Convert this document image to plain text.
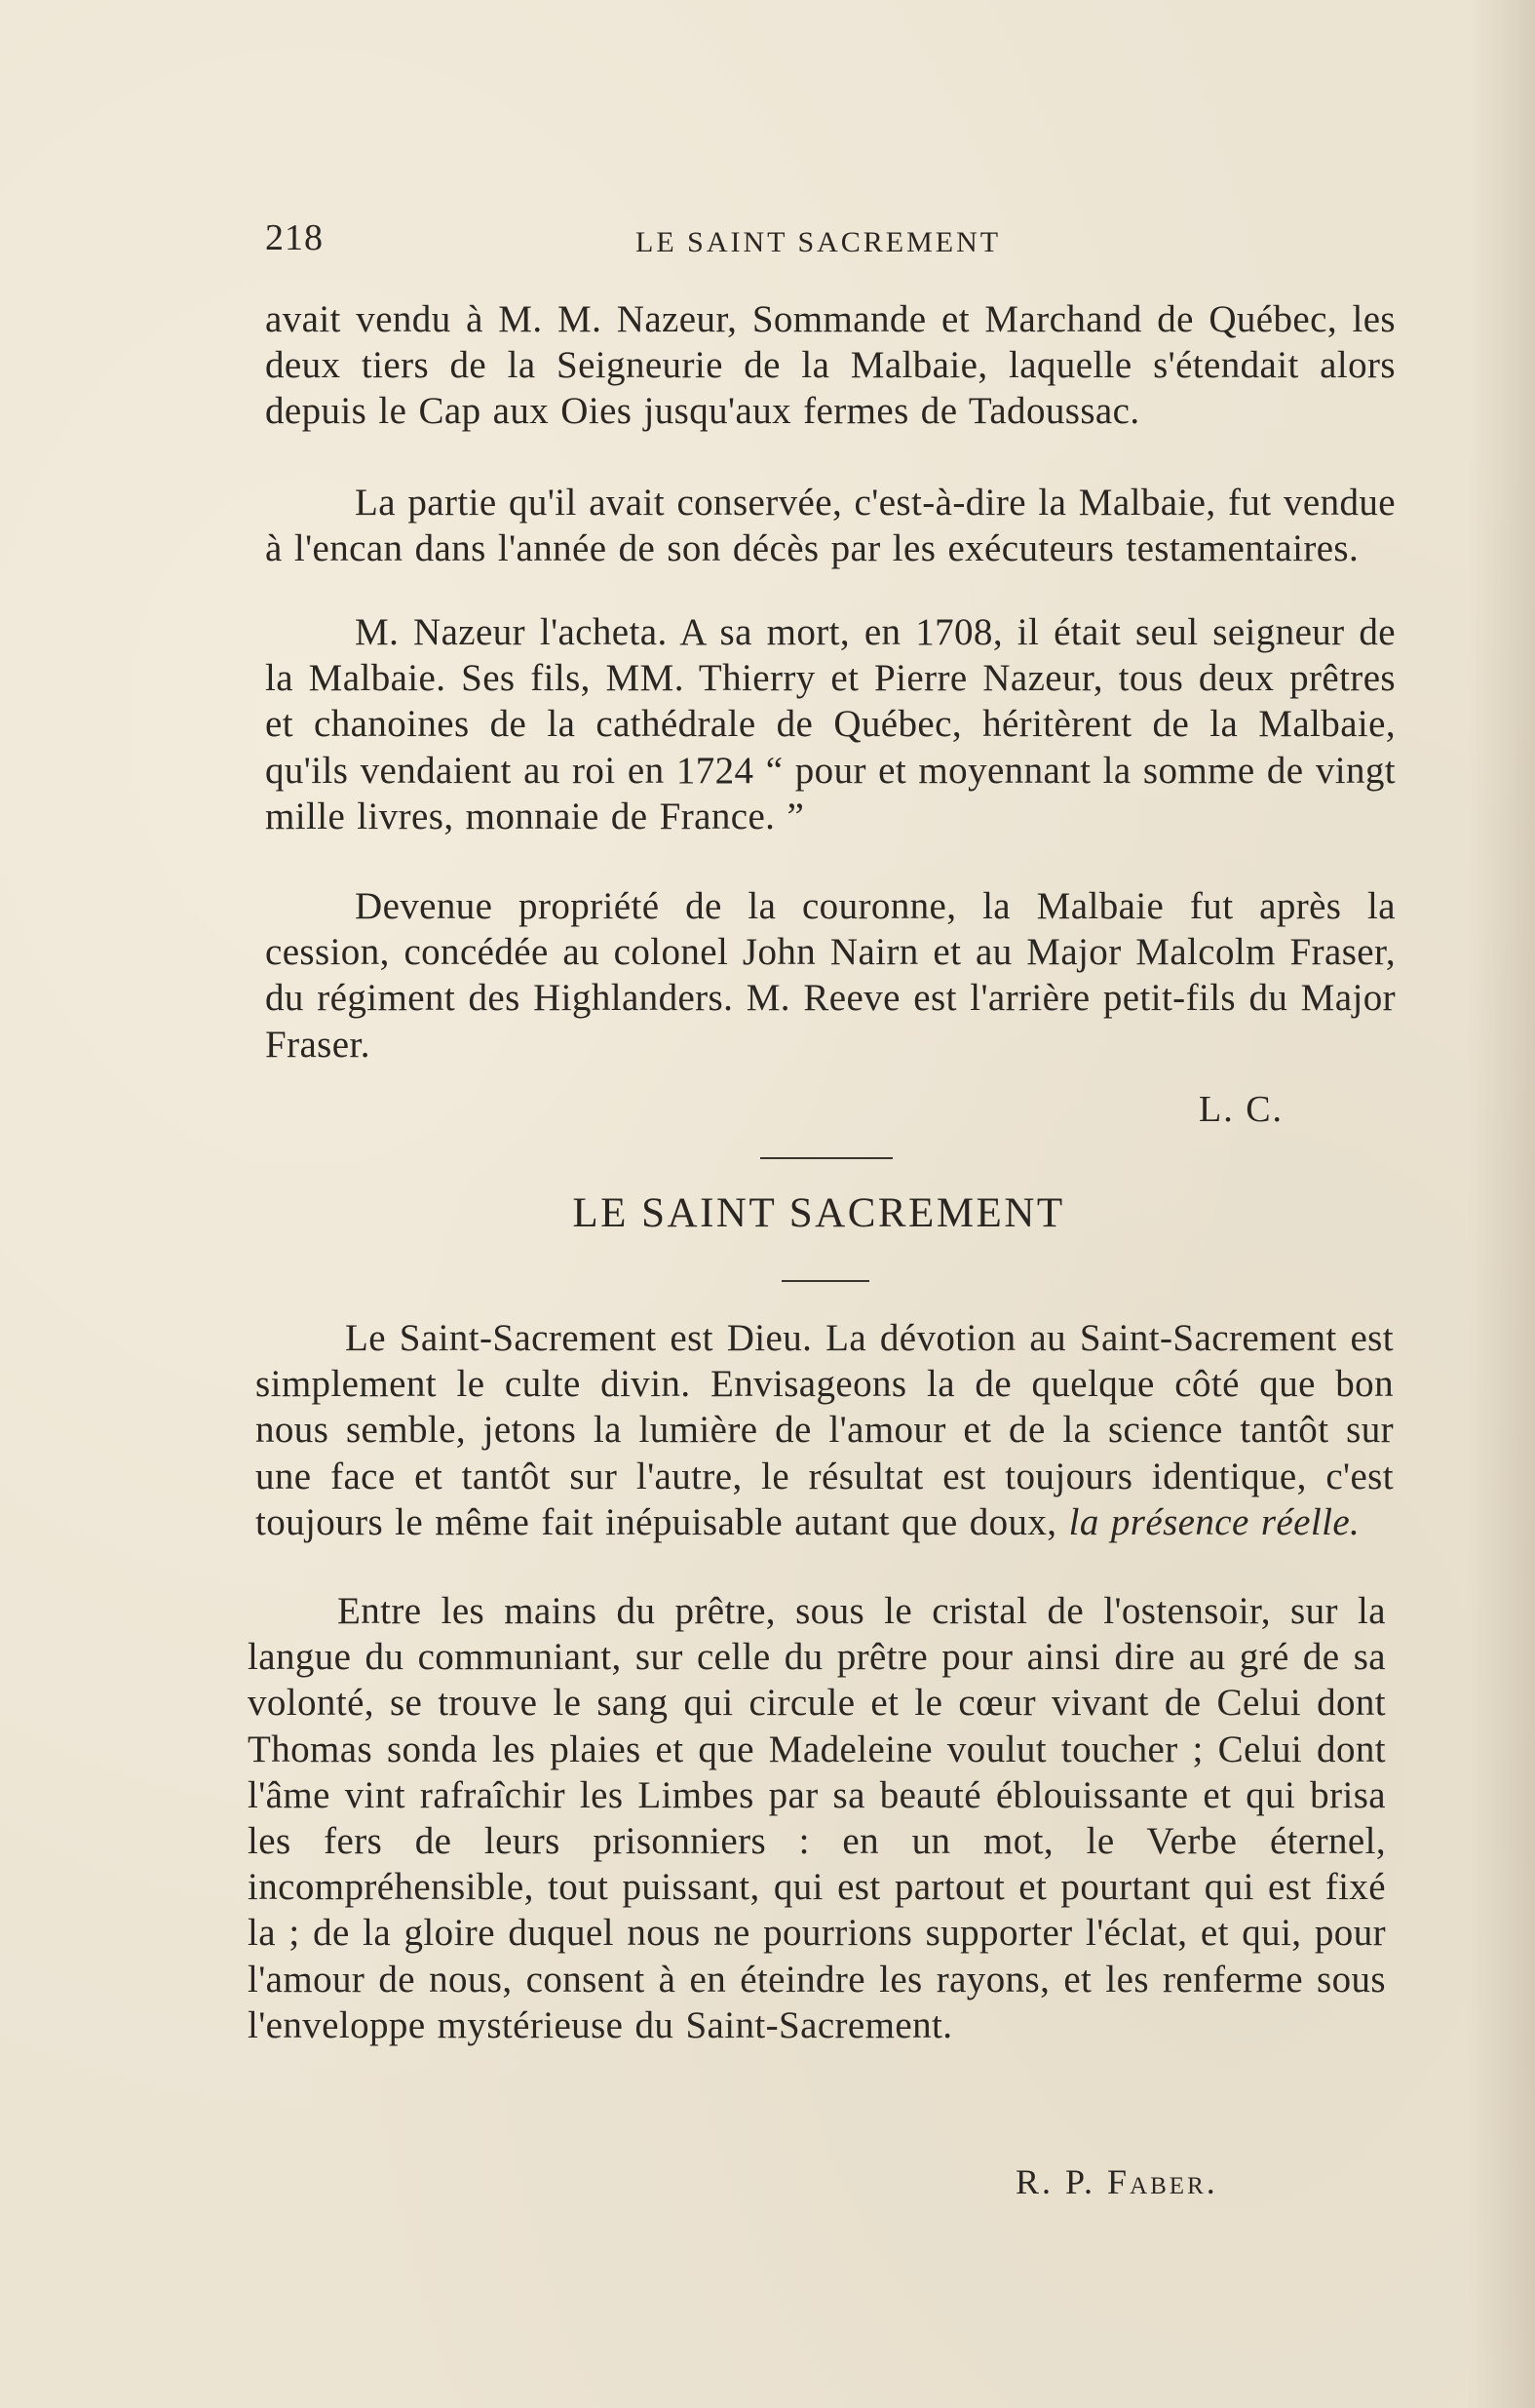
218	LE SAINT SACREMENT

avait vendu à M. M. Nazeur, Sommande et Marchand de Québec, les deux tiers de la Seigneurie de la Malbaie, laquelle s'étendait alors depuis le Cap aux Oies jusqu'aux fermes de Tadoussac.

La partie qu'il avait conservée, c'est-à-dire la Malbaie, fut vendue à l'encan dans l'année de son décès par les exécuteurs testamentaires.

M. Nazeur l'acheta. A sa mort, en 1708, il était seul seigneur de la Malbaie. Ses fils, MM. Thierry et Pierre Nazeur, tous deux prêtres et chanoines de la cathédrale de Québec, héritèrent de la Malbaie, qu'ils vendaient au roi en 1724 “ pour et moyennant la somme de vingt mille livres, monnaie de France. ”

Devenue propriété de la couronne, la Malbaie fut après la cession, concédée au colonel John Nairn et au Major Malcolm Fraser, du régiment des Highlanders. M. Reeve est l'arrière petit-fils du Major Fraser.

L. C.
LE SAINT SACREMENT

Le Saint-Sacrement est Dieu. La dévotion au Saint-Sacrement est simplement le culte divin. Envisageons la de quelque côté que bon nous semble, jetons la lumière de l'amour et de la science tantôt sur une face et tantôt sur l'autre, le résultat est toujours identique, c'est toujours le même fait inépuisable autant que doux, la présence réelle.

Entre les mains du prêtre, sous le cristal de l'ostensoir, sur la langue du communiant, sur celle du prêtre pour ainsi dire au gré de sa volonté, se trouve le sang qui circule et le cœur vivant de Celui dont Thomas sonda les plaies et que Madeleine voulut toucher ; Celui dont l'âme vint rafraîchir les Limbes par sa beauté éblouissante et qui brisa les fers de leurs prisonniers : en un mot, le Verbe éternel, incompréhensible, tout puissant, qui est partout et pourtant qui est fixé la ; de la gloire duquel nous ne pourrions supporter l'éclat, et qui, pour l'amour de nous, consent à en éteindre les rayons, et les renferme sous l'enveloppe mystérieuse du Saint-Sacrement.

R. P. Faber.
